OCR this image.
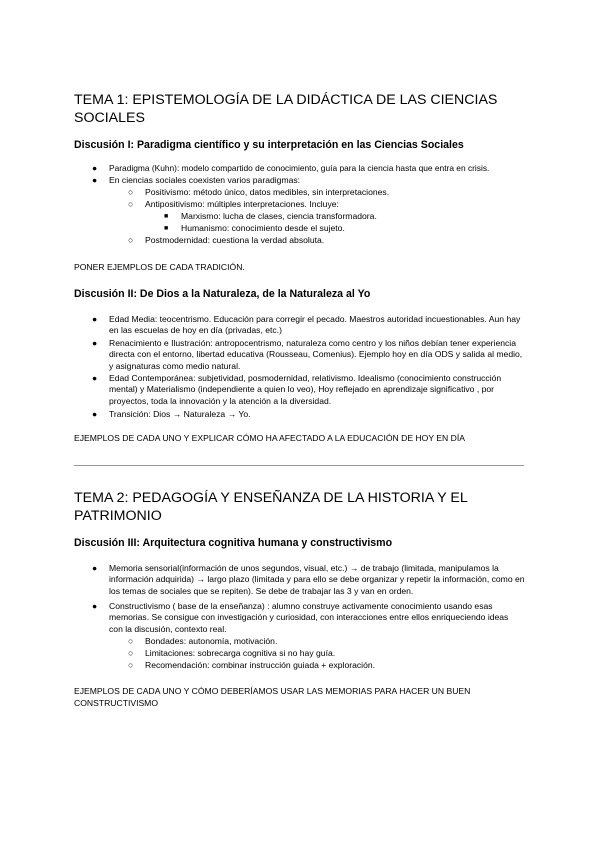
TEMA 1: EPISTEMOLOGÍA DE LA DIDÁCTICA DE LAS CIENCIAS SOCIALES
Discusión I: Paradigma científico y su interpretación en las Ciencias Sociales
● Paradigma (Kuhn): modelo compartido de conocimiento, guía para la ciencia hasta que entra en crisis.
● En ciencias sociales coexisten varios paradigmas:
○ Positivismo: método único, datos medibles, sin interpretaciones.
○ Antipositivismo: múltiples interpretaciones. Incluye:
■ Marxismo: lucha de clases, ciencia transformadora.
■ Humanismo: conocimiento desde el sujeto.
○ Postmodernidad: cuestiona la verdad absoluta.
PONER EJEMPLOS DE CADA TRADICIÓN.
Discusión II: De Dios a la Naturaleza, de la Naturaleza al Yo
● Edad Media: teocentrismo. Educación para corregir el pecado. Maestros autoridad incuestionables. Aun hay en las escuelas de hoy en día (privadas, etc.)
● Renacimiento e Ilustración: antropocentrismo, naturaleza como centro y los niños debían tener experiencia directa con el entorno, libertad educativa (Rousseau, Comenius). Ejemplo hoy en día ODS y salida al medio, y asignaturas como medio natural.
● Edad Contemporánea: subjetividad, posmodernidad, relativismo. Idealismo (conocimiento construcción mental) y Materialismo (independiente a quien lo veo), Hoy reflejado en aprendizaje significativo , por proyectos, toda la innovación y la atención a la diversidad.
● Transición: Dios → Naturaleza → Yo.
EJEMPLOS DE CADA UNO Y EXPLICAR CÓMO HA AFECTADO A LA EDUCACIÓN DE HOY EN DÍA
TEMA 2: PEDAGOGÍA Y ENSEÑANZA DE LA HISTORIA Y EL PATRIMONIO
Discusión III: Arquitectura cognitiva humana y constructivismo
● Memoria sensorial(información de unos segundos, visual, etc.) → de trabajo (limitada, manipulamos la información adquirida) → largo plazo (limitada y para ello se debe organizar y repetir la información, como en los temas de sociales que se repiten). Se debe de trabajar las 3 y van en orden.
● Constructivismo ( base de la enseñanza) : alumno construye activamente conocimiento usando esas memorias. Se consigue con investigación y curiosidad, con interacciones entre ellos enriqueciendo ideas con la discusión, contexto real.
○ Bondades: autonomía, motivación.
○ Limitaciones: sobrecarga cognitiva si no hay guía.
○ Recomendación: combinar instrucción guiada + exploración.
EJEMPLOS DE CADA UNO Y CÓMO DEBERÍAMOS USAR LAS MEMORIAS PARA HACER UN BUEN CONSTRUCTIVISMO
